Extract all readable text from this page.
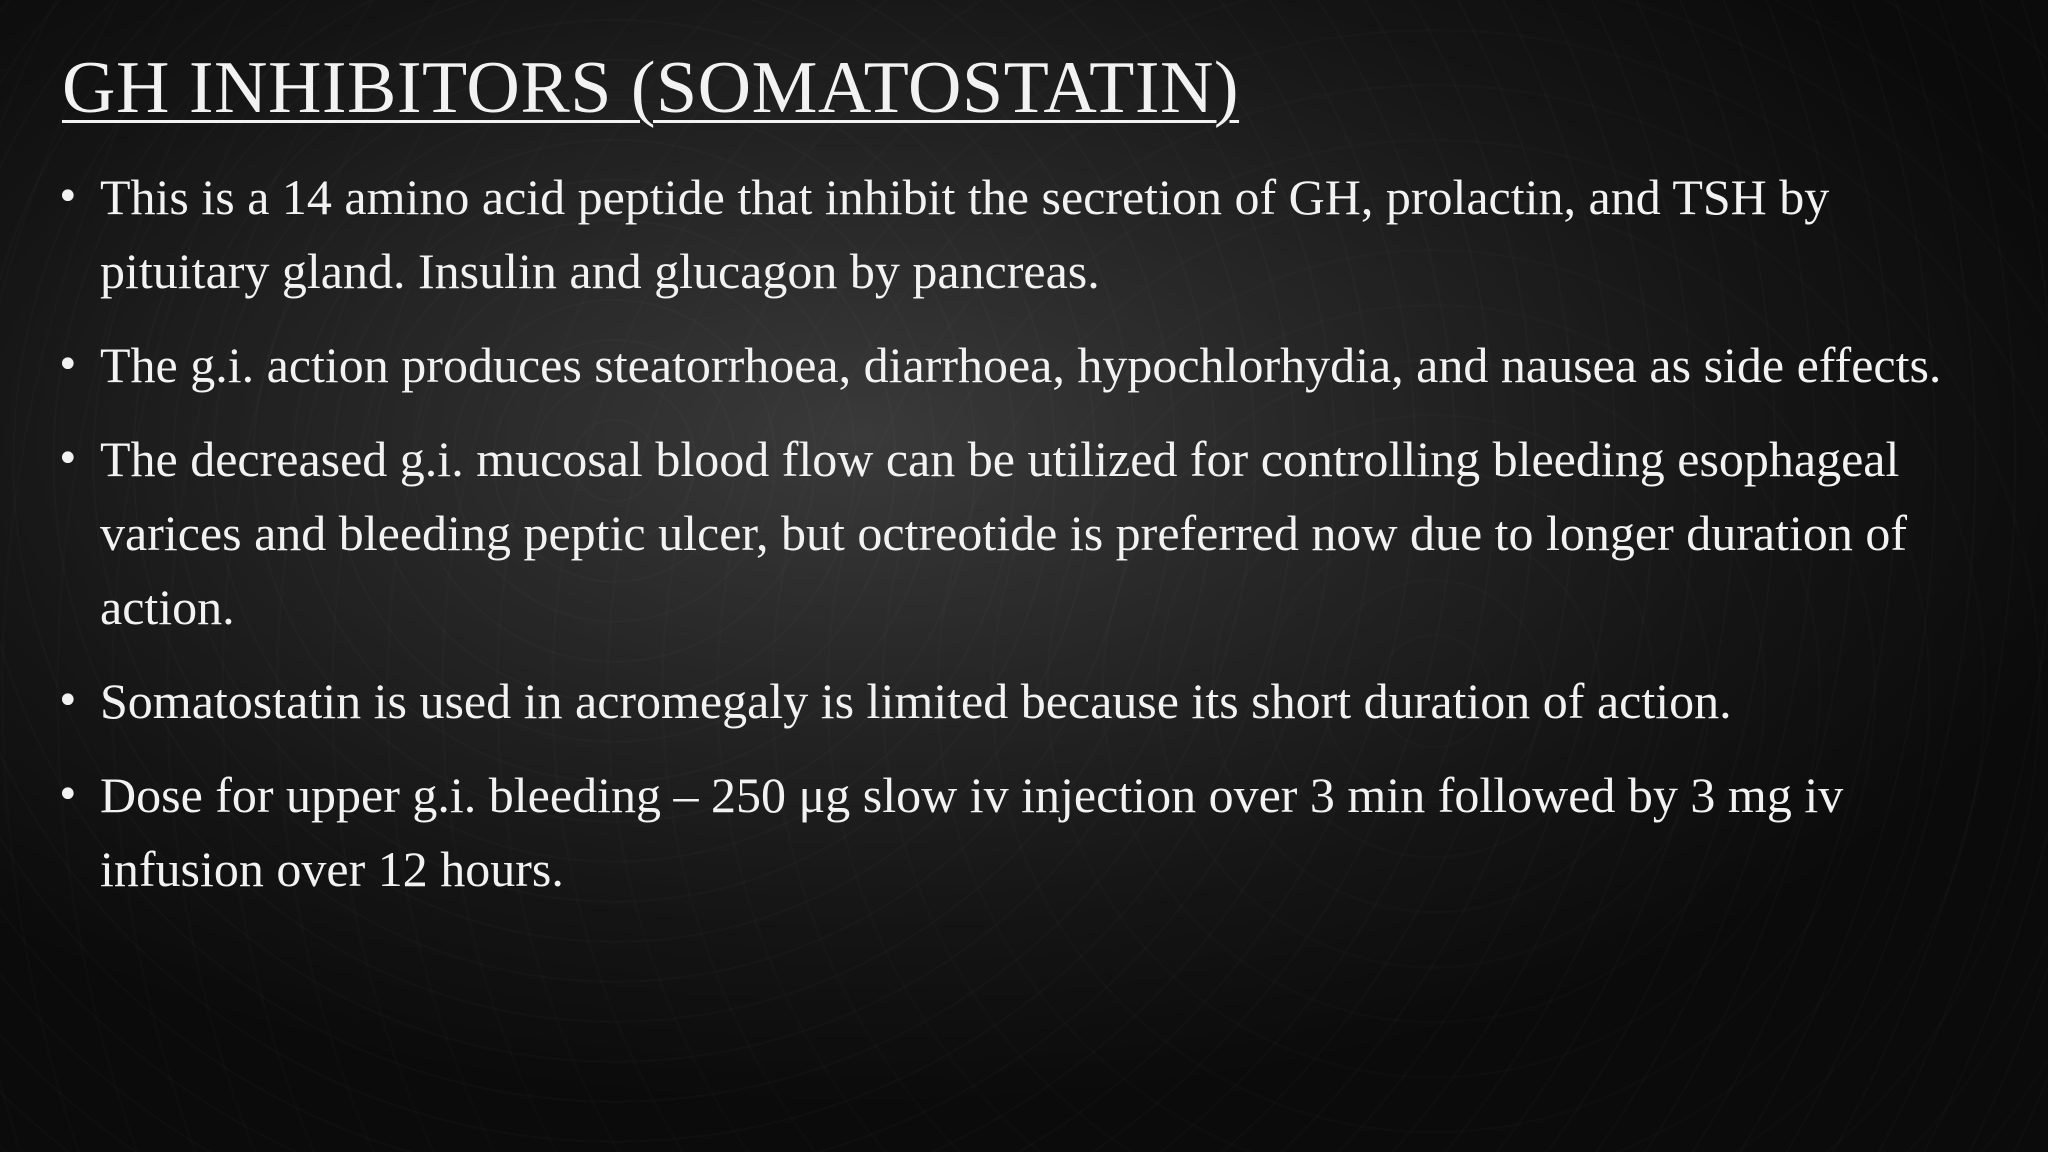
GH INHIBITORS (SOMATOSTATIN)
• This is a 14 amino acid peptide that inhibit the secretion of GH, prolactin, and TSH by pituitary gland. Insulin and glucagon by pancreas.
• The g.i. action produces steatorrhoea, diarrhoea, hypochlorhydia, and nausea as side effects.
• The decreased g.i. mucosal blood flow can be utilized for controlling bleeding esophageal varices and bleeding peptic ulcer, but octreotide is preferred now due to longer duration of action.
• Somatostatin is used in acromegaly is limited because its short duration of action.
• Dose for upper g.i. bleeding – 250 μg slow iv injection over 3 min followed by 3 mg iv infusion over 12 hours.
